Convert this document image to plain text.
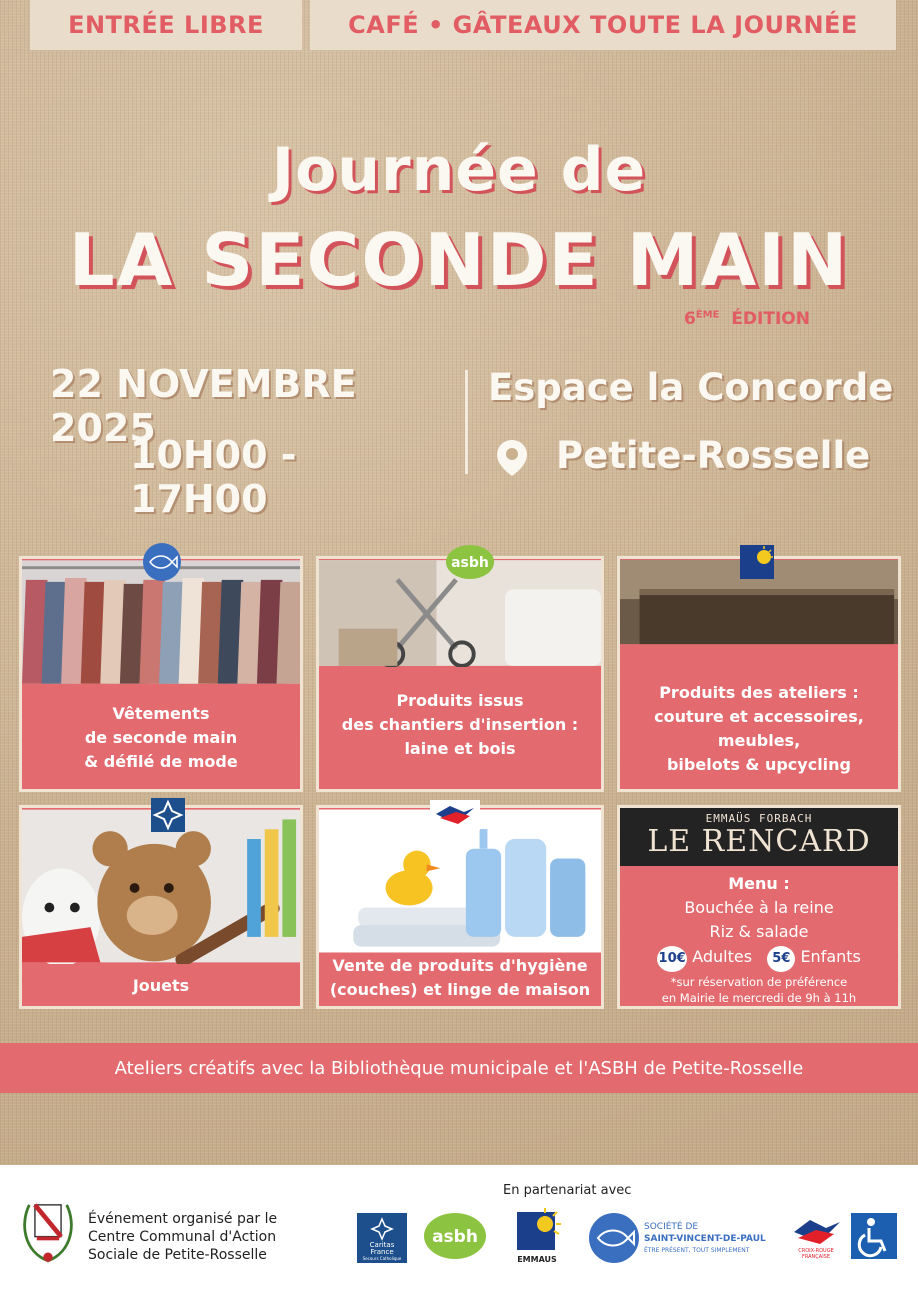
ENTRÉE LIBRE	CAFÉ • GÂTEAUX TOUTE LA JOURNÉE
Journée de
LA SECONDE MAIN
6ÈME ÉDITION
22 NOVEMBRE 2025
10H00 - 17H00
Espace la Concorde
Petite-Rosselle
Vêtements
de seconde main
& défilé de mode
Produits issus
des chantiers d'insertion :
laine et bois
asbh
Produits des ateliers :
couture et accessoires, meubles,
bibelots & upcycling
Jouets
Vente de produits d'hygiène
(couches) et linge de maison
EMMAÜS FORBACH
LE RENCARD
Menu :
Bouchée à la reine
Riz & salade
10€ Adultes 5€ Enfants
*sur réservation de préférence
en Mairie le mercredi de 9h à 11h
Ateliers créatifs avec la Bibliothèque municipale et l'ASBH de Petite-Rosselle
Événement organisé par le
Centre Communal d'Action
Sociale de Petite-Rosselle
En partenariat avec
Caritas
France
Secours Catholique
asbh
EMMAUS
SOCIÉTÉ DE
SAINT-VINCENT-DE-PAUL
ÊTRE PRÉSENT, TOUT SIMPLEMENT	CROIX-ROUGE
FRANÇAISE
